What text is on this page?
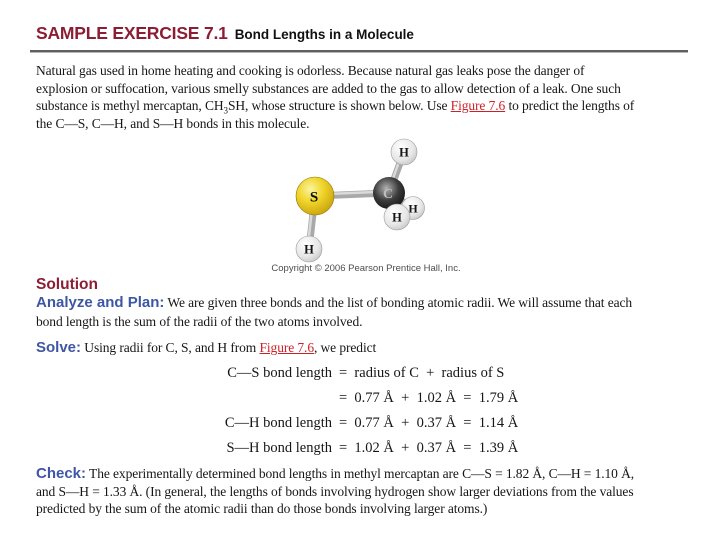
SAMPLE EXERCISE 7.1 Bond Lengths in a Molecule
Natural gas used in home heating and cooking is odorless. Because natural gas leaks pose the danger of
explosion or suffocation, various smelly substances are added to the gas to allow detection of a leak. One such
substance is methyl mercaptan, $CH_3SH$, whose structure is shown below. Use Figure 7.6 to predict the lengths of
the C—S, C—H, and S—H bonds in this molecule.
H
S	C
H
H
H
Copyright © 2006 Pearson Prentice Hall, Inc.
Solution
Analyze and Plan: We are given three bonds and the list of bonding atomic radii. We will assume that each
bond length is the sum of the radii of the two atoms involved.
Solve: Using radii for C, S, and H from Figure 7.6, we predict
C—S bond length =  radius of C  +  radius of S
=  0.77 Å  +  1.02 Å  =  1.79 Å
C—H bond length =  0.77 Å  +  0.37 Å  =  1.14 Å
S—H bond length =  1.02 Å  +  0.37 Å  =  1.39 Å
Check: The experimentally determined bond lengths in methyl mercaptan are C—S = 1.82 Å, C—H = 1.10 Å,
and S—H = 1.33 Å. (In general, the lengths of bonds involving hydrogen show larger deviations from the values
predicted by the sum of the atomic radii than do those bonds involving larger atoms.)
